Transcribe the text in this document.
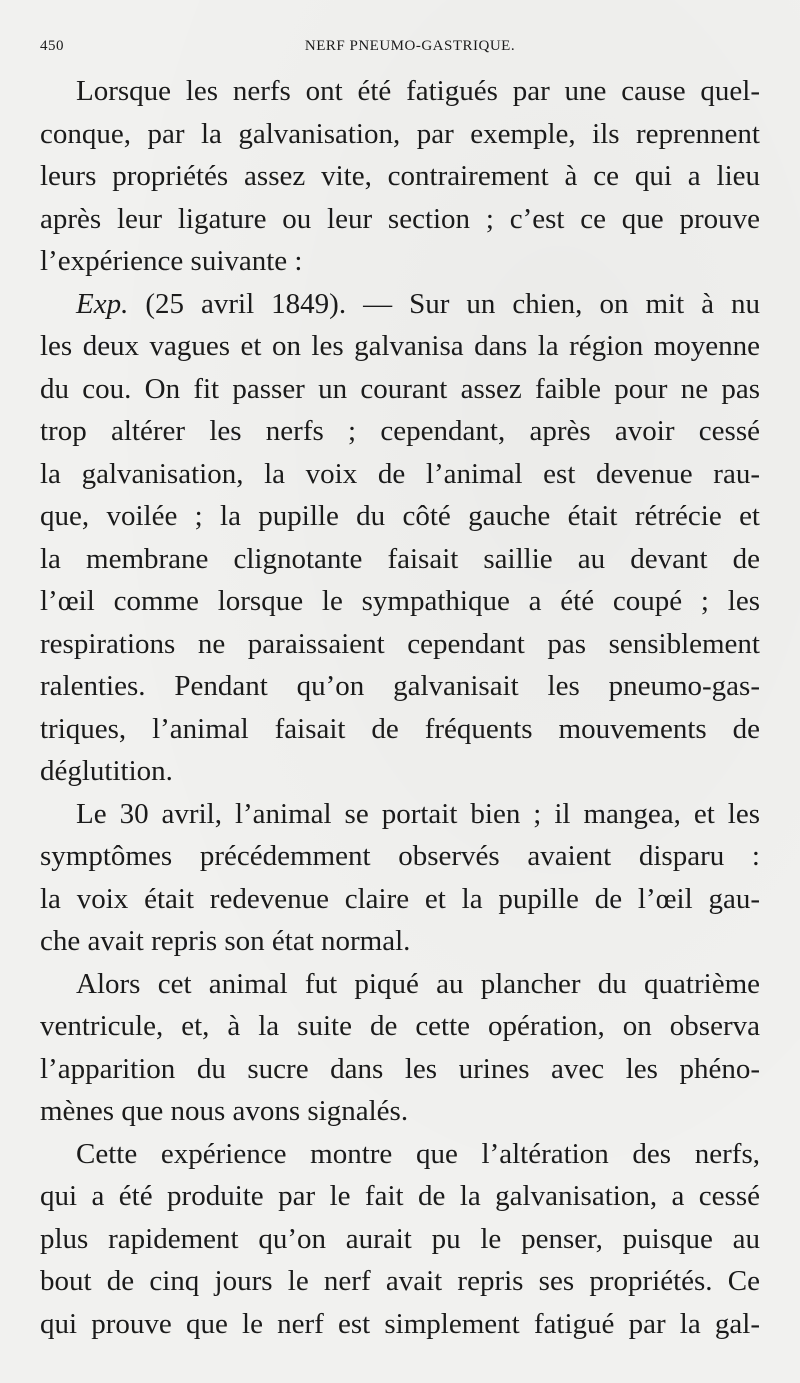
450	NERF PNEUMO-GASTRIQUE.
Lorsque les nerfs ont été fatigués par une cause quel-
conque, par la galvanisation, par exemple, ils reprennent
leurs propriétés assez vite, contrairement à ce qui a lieu
après leur ligature ou leur section ; c’est ce que prouve
l’expérience suivante :
Exp. (25 avril 1849). — Sur un chien, on mit à nu
les deux vagues et on les galvanisa dans la région moyenne
du cou. On fit passer un courant assez faible pour ne pas
trop altérer les nerfs ; cependant, après avoir cessé
la galvanisation, la voix de l’animal est devenue rau-
que, voilée ; la pupille du côté gauche était rétrécie et
la membrane clignotante faisait saillie au devant de
l’œil comme lorsque le sympathique a été coupé ; les
respirations ne paraissaient cependant pas sensiblement
ralenties. Pendant qu’on galvanisait les pneumo-gas-
triques, l’animal faisait de fréquents mouvements de
déglutition.
Le 30 avril, l’animal se portait bien ; il mangea, et les
symptômes précédemment observés avaient disparu :
la voix était redevenue claire et la pupille de l’œil gau-
che avait repris son état normal.
Alors cet animal fut piqué au plancher du quatrième
ventricule, et, à la suite de cette opération, on observa
l’apparition du sucre dans les urines avec les phéno-
mènes que nous avons signalés.
Cette expérience montre que l’altération des nerfs,
qui a été produite par le fait de la galvanisation, a cessé
plus rapidement qu’on aurait pu le penser, puisque au
bout de cinq jours le nerf avait repris ses propriétés. Ce
qui prouve que le nerf est simplement fatigué par la gal-
